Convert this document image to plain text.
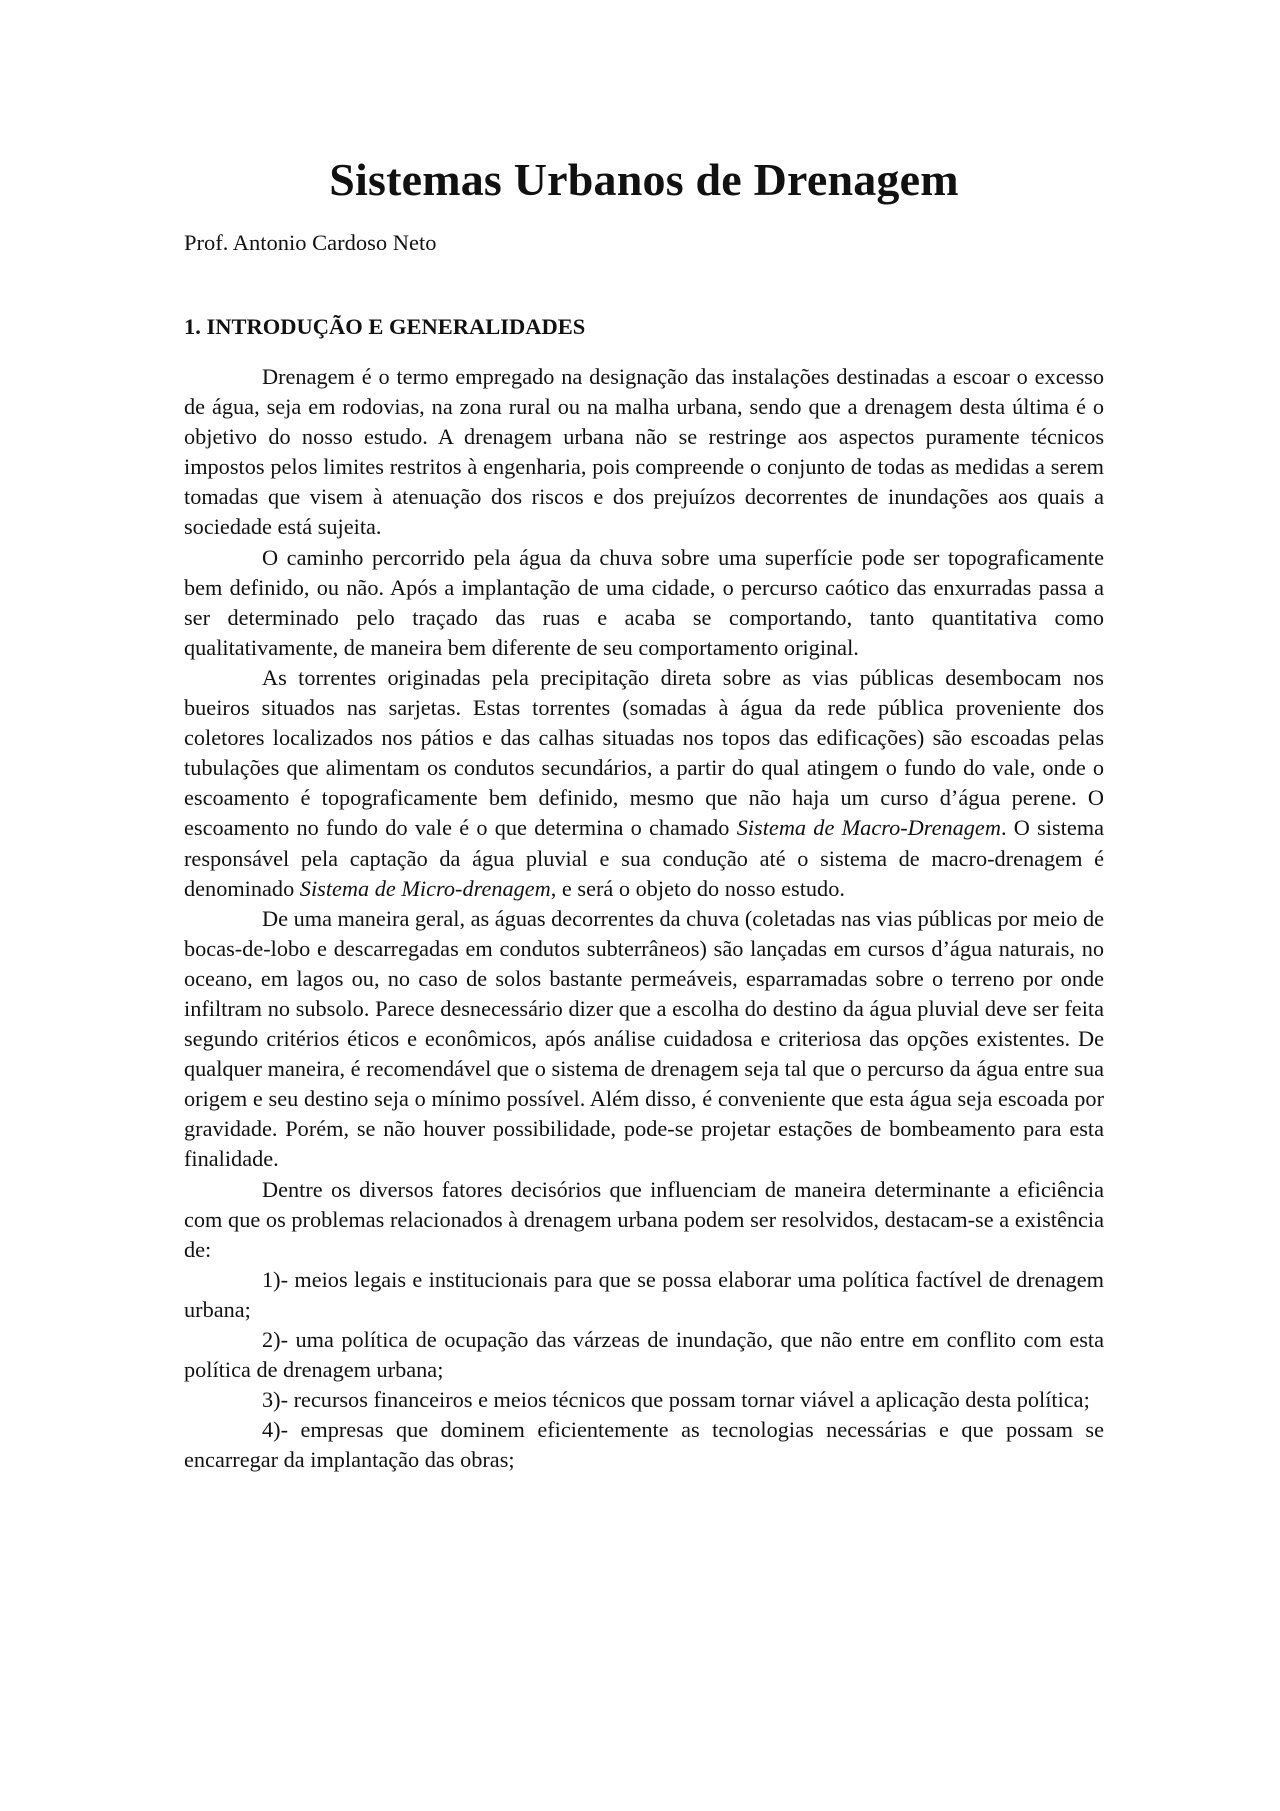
Sistemas Urbanos de Drenagem

Prof. Antonio Cardoso Neto

1. INTRODUÇÃO E GENERALIDADES

Drenagem é o termo empregado na designação das instalações destinadas a escoar o excesso de água, seja em rodovias, na zona rural ou na malha urbana, sendo que a drenagem desta última é o objetivo do nosso estudo. A drenagem urbana não se restringe aos aspectos puramente técnicos impostos pelos limites restritos à engenharia, pois compreende o conjunto de todas as medidas a serem tomadas que visem à atenuação dos riscos e dos prejuízos decorrentes de inundações aos quais a sociedade está sujeita.

O caminho percorrido pela água da chuva sobre uma superfície pode ser topograficamente bem definido, ou não. Após a implantação de uma cidade, o percurso caótico das enxurradas passa a ser determinado pelo traçado das ruas e acaba se comportando, tanto quantitativa como qualitativamente, de maneira bem diferente de seu comportamento original.

As torrentes originadas pela precipitação direta sobre as vias públicas desembocam nos bueiros situados nas sarjetas. Estas torrentes (somadas à água da rede pública proveniente dos coletores localizados nos pátios e das calhas situadas nos topos das edificações) são escoadas pelas tubulações que alimentam os condutos secundários, a partir do qual atingem o fundo do vale, onde o escoamento é topograficamente bem definido, mesmo que não haja um curso d’água perene. O escoamento no fundo do vale é o que determina o chamado Sistema de Macro-Drenagem. O sistema responsável pela captação da água pluvial e sua condução até o sistema de macro-drenagem é denominado Sistema de Micro-drenagem, e será o objeto do nosso estudo.

De uma maneira geral, as águas decorrentes da chuva (coletadas nas vias públicas por meio de bocas-de-lobo e descarregadas em condutos subterrâneos) são lançadas em cursos d’água naturais, no oceano, em lagos ou, no caso de solos bastante permeáveis, esparramadas sobre o terreno por onde infiltram no subsolo. Parece desnecessário dizer que a escolha do destino da água pluvial deve ser feita segundo critérios éticos e econômicos, após análise cuidadosa e criteriosa das opções existentes. De qualquer maneira, é recomendável que o sistema de drenagem seja tal que o percurso da água entre sua origem e seu destino seja o mínimo possível. Além disso, é conveniente que esta água seja escoada por gravidade. Porém, se não houver possibilidade, pode-se projetar estações de bombeamento para esta finalidade.

Dentre os diversos fatores decisórios que influenciam de maneira determinante a eficiência com que os problemas relacionados à drenagem urbana podem ser resolvidos, destacam-se a existência de:

1)- meios legais e institucionais para que se possa elaborar uma política factível de drenagem urbana;

2)- uma política de ocupação das várzeas de inundação, que não entre em conflito com esta política de drenagem urbana;

3)- recursos financeiros e meios técnicos que possam tornar viável a aplicação desta política;

4)- empresas que dominem eficientemente as tecnologias necessárias e que possam se encarregar da implantação das obras;
